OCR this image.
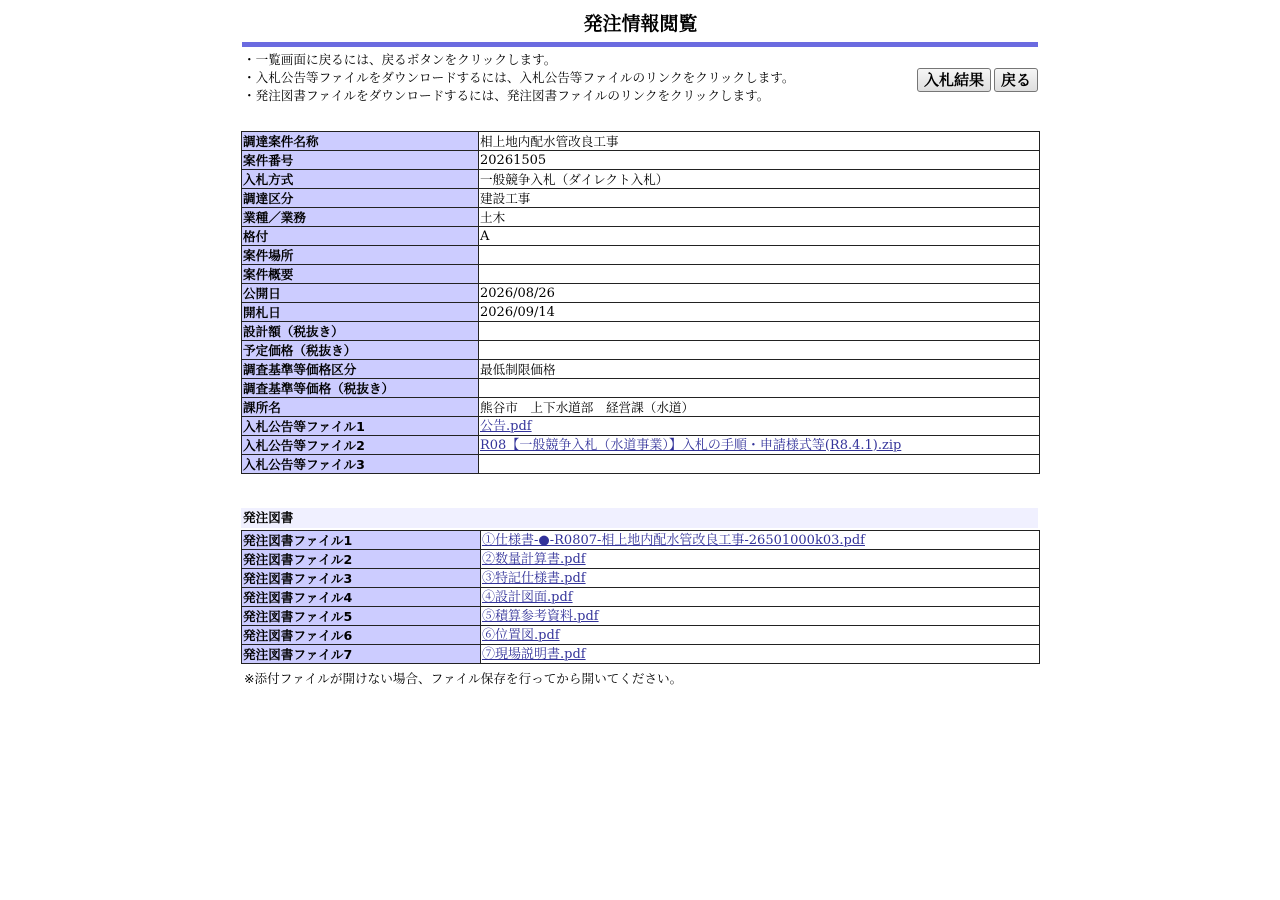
発注情報閲覧
・一覧画面に戻るには、戻るボタンをクリックします。
・入札公告等ファイルをダウンロードするには、入札公告等ファイルのリンクをクリックします。
・発注図書ファイルをダウンロードするには、発注図書ファイルのリンクをクリックします。
入札結果	戻る
調達案件名称	相上地内配水管改良工事
案件番号	20261505
入札方式	一般競争入札（ダイレクト入札）
調達区分	建設工事
業種／業務	土木
格付	A
案件場所	
案件概要	
公開日	2026/08/26
開札日	2026/09/14
設計額（税抜き）	
予定価格（税抜き）	
調査基準等価格区分	最低制限価格
調査基準等価格（税抜き）	
課所名	熊谷市　上下水道部　経営課（水道）
入札公告等ファイル1	公告.pdf
入札公告等ファイル2	R08【一般競争入札（水道事業）】入札の手順・申請様式等(R8.4.1).zip
入札公告等ファイル3	
発注図書
発注図書ファイル1	①仕様書-●-R0807-相上地内配水管改良工事-26501000k03.pdf
発注図書ファイル2	②数量計算書.pdf
発注図書ファイル3	③特記仕様書.pdf
発注図書ファイル4	④設計図面.pdf
発注図書ファイル5	⑤積算参考資料.pdf
発注図書ファイル6	⑥位置図.pdf
発注図書ファイル7	⑦現場説明書.pdf
※添付ファイルが開けない場合、ファイル保存を行ってから開いてください。
